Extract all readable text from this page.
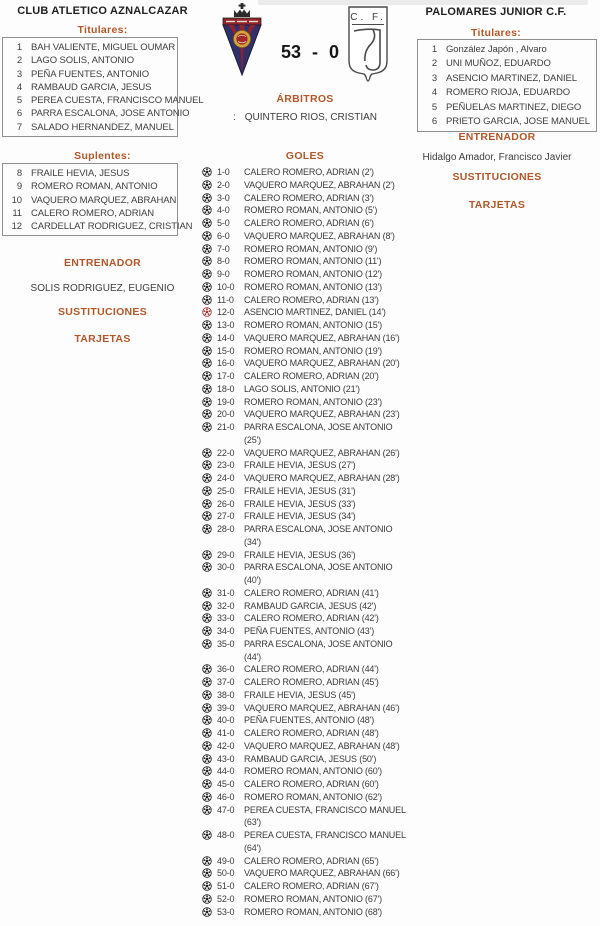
CLUB ATLETICO AZNALCAZAR
Titulares:
1 BAH VALIENTE, MIGUEL OUMAR
2 LAGO SOLIS, ANTONIO
3 PEÑA FUENTES, ANTONIO
4 RAMBAUD GARCIA, JESUS
5 PEREA CUESTA, FRANCISCO MANUEL
6 PARRA ESCALONA, JOSE ANTONIO
7 SALADO HERNANDEZ, MANUEL
Suplentes:
8 FRAILE HEVIA, JESUS
9 ROMERO ROMAN, ANTONIO
10 VAQUERO MARQUEZ, ABRAHAN
11 CALERO ROMERO, ADRIAN
12 CARDELLAT RODRIGUEZ, CRISTIAN
ENTRENADOR
SOLIS RODRIGUEZ, EUGENIO
SUSTITUCIONES
TARJETAS
53 - 0
C. F.
ÁRBITROS
: QUINTERO RIOS, CRISTIAN
GOLES
1-0	CALERO ROMERO, ADRIAN (2')
2-0	VAQUERO MARQUEZ, ABRAHAN (2')
3-0	CALERO ROMERO, ADRIAN (3')
4-0	ROMERO ROMAN, ANTONIO (5')
5-0	CALERO ROMERO, ADRIAN (6')
6-0	VAQUERO MARQUEZ, ABRAHAN (8')
7-0	ROMERO ROMAN, ANTONIO (9')
8-0	ROMERO ROMAN, ANTONIO (11')
9-0	ROMERO ROMAN, ANTONIO (12')
10-0	ROMERO ROMAN, ANTONIO (13')
11-0	CALERO ROMERO, ADRIAN (13')
12-0	ASENCIO MARTINEZ, DANIEL (14')
13-0	ROMERO ROMAN, ANTONIO (15')
14-0	VAQUERO MARQUEZ, ABRAHAN (16')
15-0	ROMERO ROMAN, ANTONIO (19')
16-0	VAQUERO MARQUEZ, ABRAHAN (20')
17-0	CALERO ROMERO, ADRIAN (20')
18-0	LAGO SOLIS, ANTONIO (21')
19-0	ROMERO ROMAN, ANTONIO (23')
20-0	VAQUERO MARQUEZ, ABRAHAN (23')
21-0	PARRA ESCALONA, JOSE ANTONIO
(25')
22-0	VAQUERO MARQUEZ, ABRAHAN (26')
23-0	FRAILE HEVIA, JESUS (27')
24-0	VAQUERO MARQUEZ, ABRAHAN (28')
25-0	FRAILE HEVIA, JESUS (31')
26-0	FRAILE HEVIA, JESUS (33')
27-0	FRAILE HEVIA, JESUS (34')
28-0	PARRA ESCALONA, JOSE ANTONIO
(34')
29-0	FRAILE HEVIA, JESUS (36')
30-0	PARRA ESCALONA, JOSE ANTONIO
(40')
31-0	CALERO ROMERO, ADRIAN (41')
32-0	RAMBAUD GARCIA, JESUS (42')
33-0	CALERO ROMERO, ADRIAN (42')
34-0	PEÑA FUENTES, ANTONIO (43')
35-0	PARRA ESCALONA, JOSE ANTONIO
(44')
36-0	CALERO ROMERO, ADRIAN (44')
37-0	CALERO ROMERO, ADRIAN (45')
38-0	FRAILE HEVIA, JESUS (45')
39-0	VAQUERO MARQUEZ, ABRAHAN (46')
40-0	PEÑA FUENTES, ANTONIO (48')
41-0	CALERO ROMERO, ADRIAN (48')
42-0	VAQUERO MARQUEZ, ABRAHAN (48')
43-0	RAMBAUD GARCIA, JESUS (50')
44-0	ROMERO ROMAN, ANTONIO (60')
45-0	CALERO ROMERO, ADRIAN (60')
46-0	ROMERO ROMAN, ANTONIO (62')
47-0	PEREA CUESTA, FRANCISCO MANUEL
(63')
48-0	PEREA CUESTA, FRANCISCO MANUEL
(64')
49-0	CALERO ROMERO, ADRIAN (65')
50-0	VAQUERO MARQUEZ, ABRAHAN (66')
51-0	CALERO ROMERO, ADRIAN (67')
52-0	ROMERO ROMAN, ANTONIO (67')
53-0	ROMERO ROMAN, ANTONIO (68')
PALOMARES JUNIOR C.F.
Titulares:
1 González Japón , Alvaro
2 UNI MUÑOZ, EDUARDO
3 ASENCIO MARTINEZ, DANIEL
4 ROMERO RIOJA, EDUARDO
5 PEÑUELAS MARTINEZ, DIEGO
6 PRIETO GARCIA, JOSE MANUEL
ENTRENADOR
Hidalgo Amador, Francisco Javier
SUSTITUCIONES
TARJETAS
